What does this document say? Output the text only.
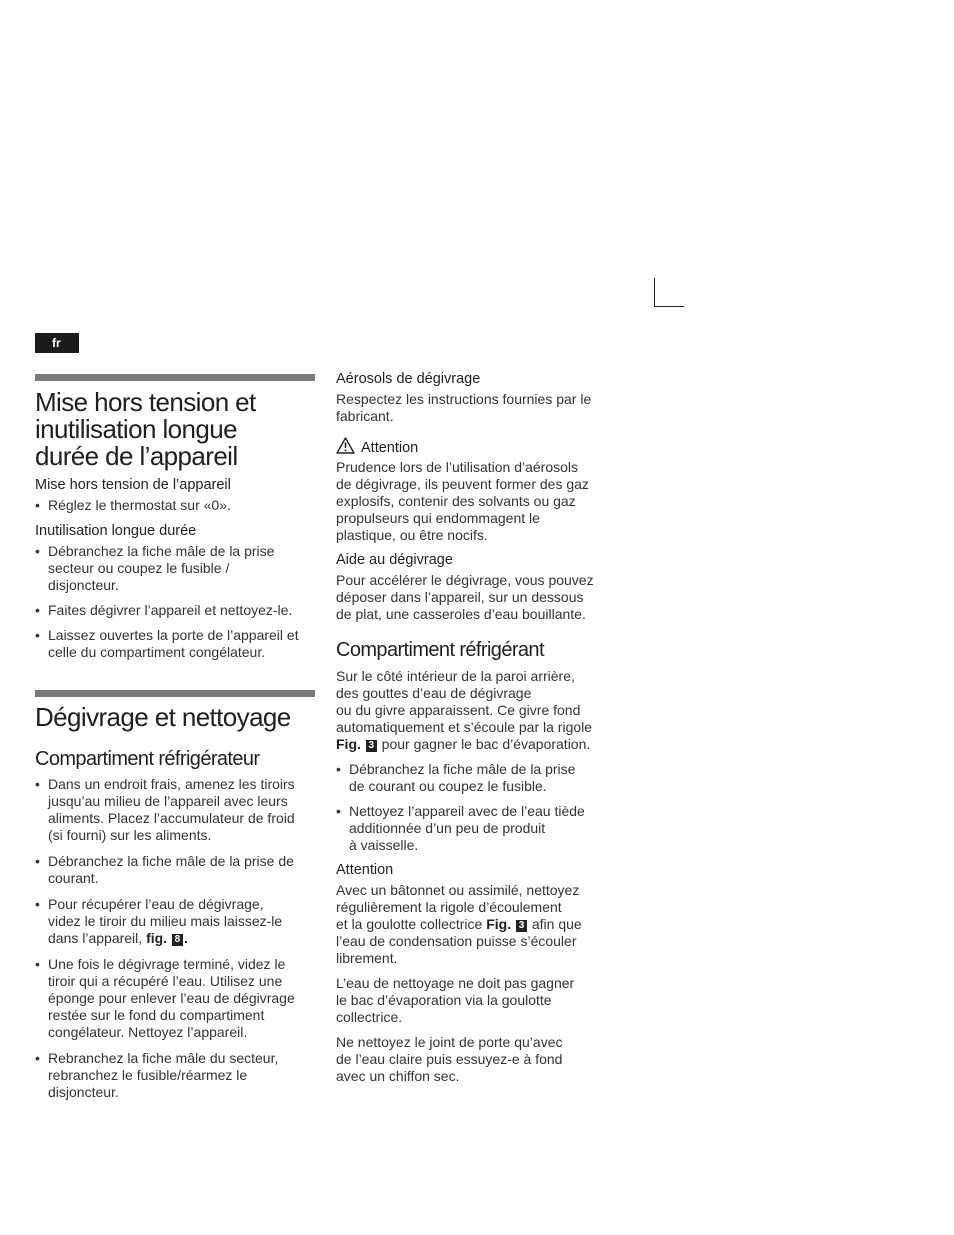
fr
Mise hors tension et
inutilisation longue
durée de l’appareil
Mise hors tension de l’appareil
• Réglez le thermostat sur «0».
Inutilisation longue durée
• Débranchez la fiche mâle de la prise
secteur ou coupez le fusible /
disjoncteur.
• Faites dégivrer l’appareil et nettoyez-le.
• Laissez ouvertes la porte de l’appareil et
celle du compartiment congélateur.
Dégivrage et nettoyage
Compartiment réfrigérateur
• Dans un endroit frais, amenez les tiroirs
jusqu’au milieu de l’appareil avec leurs
aliments. Placez l’accumulateur de froid
(si fourni) sur les aliments.
• Débranchez la fiche mâle de la prise de
courant.
• Pour récupérer l’eau de dégivrage,
videz le tiroir du milieu mais laissez-le
dans l’appareil, fig. 8 .
• Une fois le dégivrage terminé, videz le
tiroir qui a récupéré l’eau. Utilisez une
éponge pour enlever l’eau de dégivrage
restée sur le fond du compartiment
congélateur. Nettoyez l’appareil.
• Rebranchez la fiche mâle du secteur,
rebranchez le fusible/réarmez le
disjoncteur.
Aérosols de dégivrage

Respectez les instructions fournies par le
fabricant.

Attention

Prudence lors de l’utilisation d’aérosols
de dégivrage, ils peuvent former des gaz
explosifs, contenir des solvants ou gaz
propulseurs qui endommagent le
plastique, ou être nocifs.

Aide au dégivrage

Pour accélérer le dégivrage, vous pouvez
déposer dans l’appareil, sur un dessous
de plat, une casseroles d’eau bouillante.

Compartiment réfrigérant

Sur le côté intérieur de la paroi arrière,
des gouttes d’eau de dégivrage
ou du givre apparaissent. Ce givre fond
automatiquement et s’écoule par la rigole
Fig. 3 pour gagner le bac d’évaporation.

• Débranchez la fiche mâle de la prise
de courant ou coupez le fusible.
• Nettoyez l’appareil avec de l’eau tiède
additionnée d’un peu de produit
à vaisselle.
Attention

Avec un bâtonnet ou assimilé, nettoyez
régulièrement la rigole d’écoulement
et la goulotte collectrice Fig. 3 afin que
l’eau de condensation puisse s’écouler
librement.

L’eau de nettoyage ne doit pas gagner
le bac d’évaporation via la goulotte
collectrice.

Ne nettoyez le joint de porte qu’avec
de l’eau claire puis essuyez-e à fond
avec un chiffon sec.
